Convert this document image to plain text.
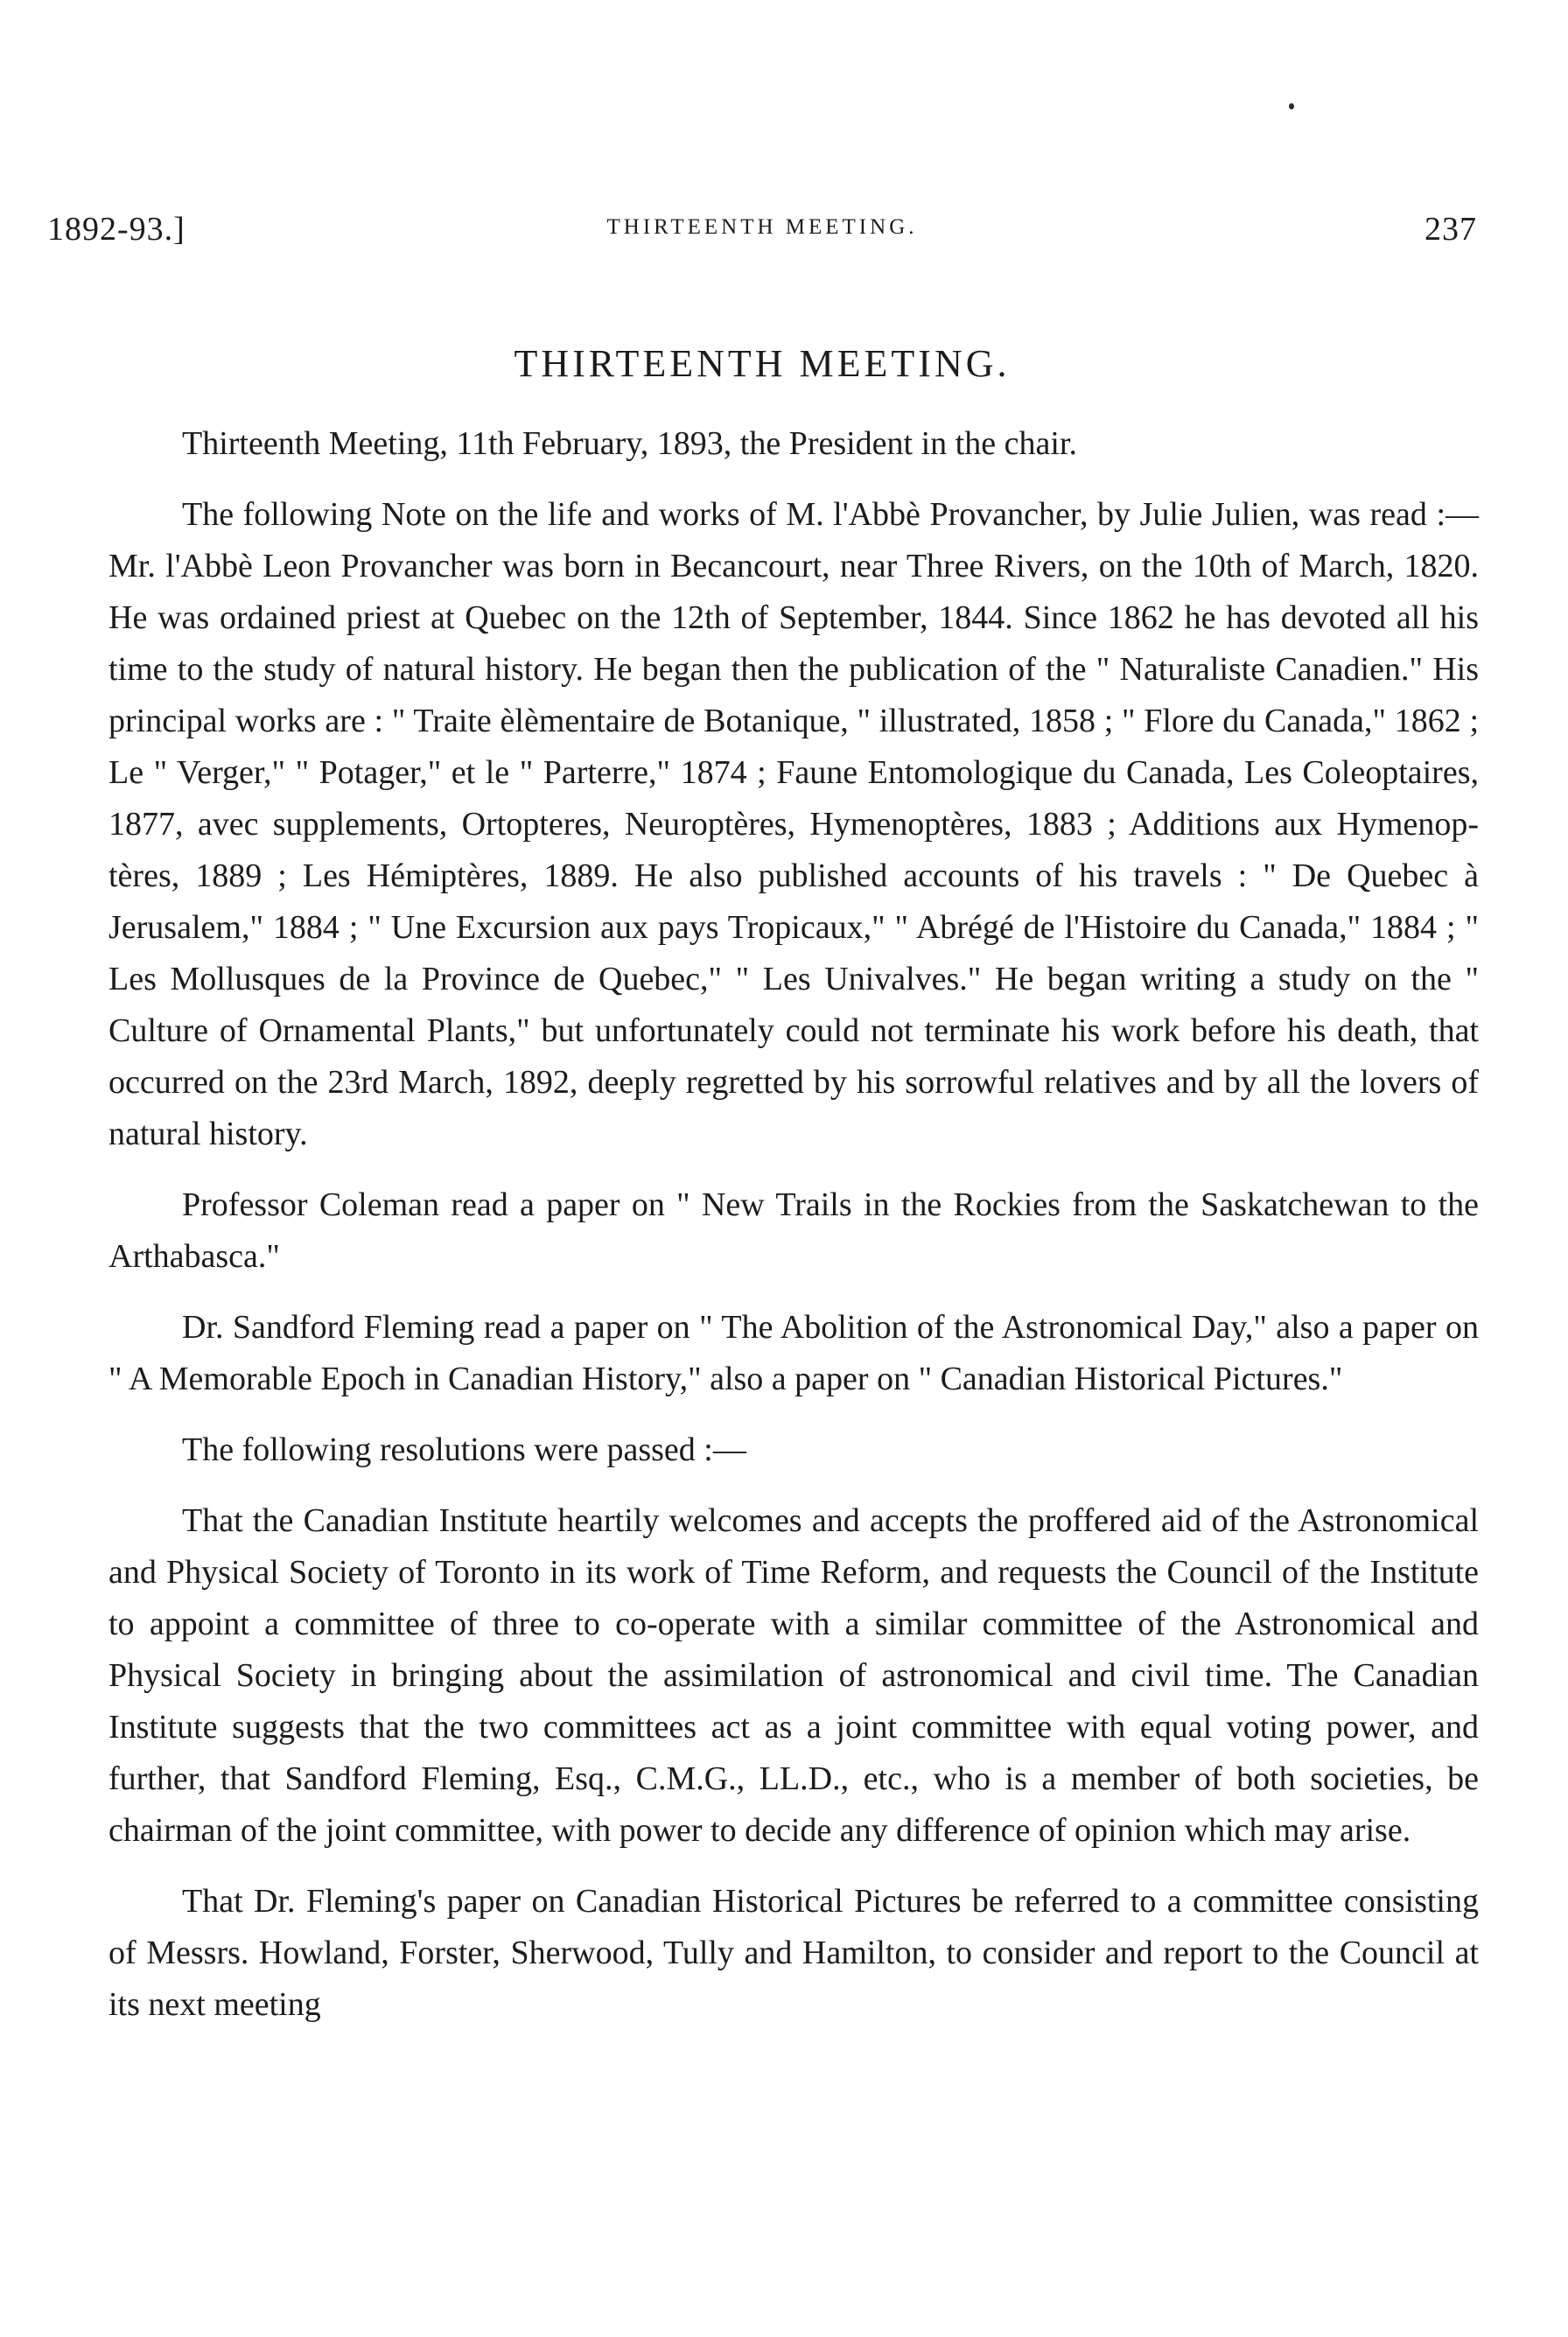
1892-93.]	THIRTEENTH MEETING.	237
THIRTEENTH MEETING.

Thirteenth Meeting, 11th February, 1893, the President in the chair.

The following Note on the life and works of M. l'Abbè Provancher, by Julie Julien, was read :—Mr. l'Abbè Leon Provancher was born in Becancourt, near Three Rivers, on the 10th of March, 1820. He was ordained priest at Quebec on the 12th of September, 1844. Since 1862 he has devoted all his time to the study of natural history. He began then the publication of the " Naturaliste Canadien." His principal works are : " Traite èlèmentaire de Botanique, " illustrated, 1858 ; " Flore du Canada," 1862 ; Le " Verger," " Potager," et le " Parterre," 1874 ; Faune Entomologique du Canada, Les Coleoptaires, 1877, avec supplements, Ortopteres, Neuroptères, Hymenoptères, 1883 ; Additions aux Hymenoptères, 1889 ; Les Hémiptères, 1889. He also published accounts of his travels : " De Quebec à Jerusalem," 1884 ; " Une Excursion aux pays Tropicaux," " Abrégé de l'Histoire du Canada," 1884 ; " Les Mollusques de la Province de Quebec," " Les Univalves." He began writing a study on the " Culture of Ornamental Plants," but unfortunately could not terminate his work before his death, that occurred on the 23rd March, 1892, deeply regretted by his sorrowful relatives and by all the lovers of natural history.

Professor Coleman read a paper on " New Trails in the Rockies from the Saskatchewan to the Arthabasca."

Dr. Sandford Fleming read a paper on " The Abolition of the Astronomical Day," also a paper on " A Memorable Epoch in Canadian History," also a paper on " Canadian Historical Pictures."

The following resolutions were passed :—

That the Canadian Institute heartily welcomes and accepts the proffered aid of the Astronomical and Physical Society of Toronto in its work of Time Reform, and requests the Council of the Institute to appoint a committee of three to co-operate with a similar committee of the Astronomical and Physical Society in bringing about the assimilation of astronomical and civil time. The Canadian Institute suggests that the two committees act as a joint committee with equal voting power, and further, that Sandford Fleming, Esq., C.M.G., LL.D., etc., who is a member of both societies, be chairman of the joint committee, with power to decide any difference of opinion which may arise.

That Dr. Fleming's paper on Canadian Historical Pictures be referred to a committee consisting of Messrs. Howland, Forster, Sherwood, Tully and Hamilton, to consider and report to the Council at its next meeting
